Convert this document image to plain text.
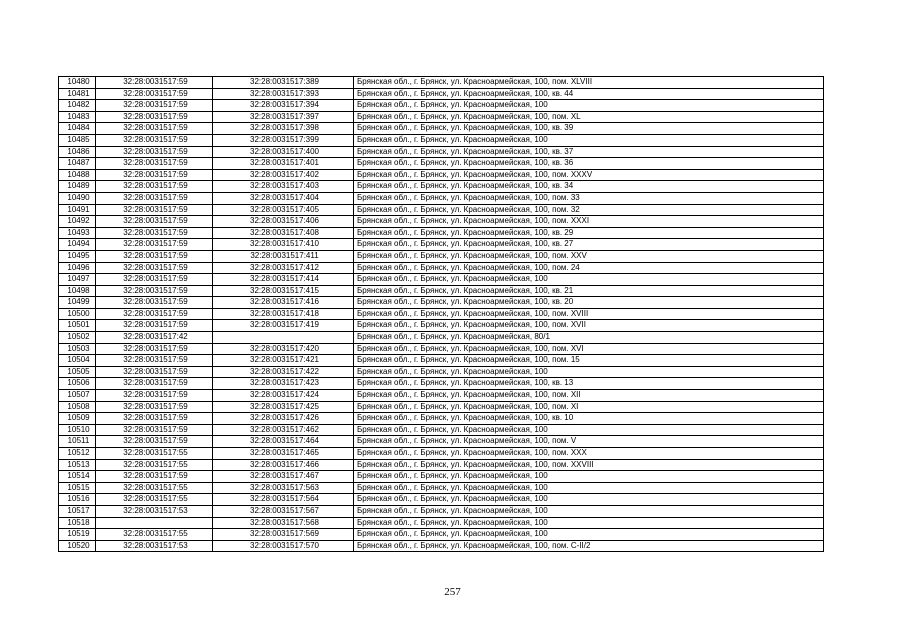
10480	32:28:0031517:59	32:28:0031517:389	Брянская обл., г. Брянск, ул. Красноармейская, 100, пом. XLVIII
10481	32:28:0031517:59	32:28:0031517:393	Брянская обл., г. Брянск, ул. Красноармейская, 100, кв. 44
10482	32:28:0031517:59	32:28:0031517:394	Брянская обл., г. Брянск, ул. Красноармейская, 100
10483	32:28:0031517:59	32:28:0031517:397	Брянская обл., г. Брянск, ул. Красноармейская, 100, пом. XL
10484	32:28:0031517:59	32:28:0031517:398	Брянская обл., г. Брянск, ул. Красноармейская, 100, кв. 39
10485	32:28:0031517:59	32:28:0031517:399	Брянская обл., г. Брянск, ул. Красноармейская, 100
10486	32:28:0031517:59	32:28:0031517:400	Брянская обл., г. Брянск, ул. Красноармейская, 100, кв. 37
10487	32:28:0031517:59	32:28:0031517:401	Брянская обл., г. Брянск, ул. Красноармейская, 100, кв. 36
10488	32:28:0031517:59	32:28:0031517:402	Брянская обл., г. Брянск, ул. Красноармейская, 100, пом. XXXV
10489	32:28:0031517:59	32:28:0031517:403	Брянская обл., г. Брянск, ул. Красноармейская, 100, кв. 34
10490	32:28:0031517:59	32:28:0031517:404	Брянская обл., г. Брянск, ул. Красноармейская, 100, пом. 33
10491	32:28:0031517:59	32:28:0031517:405	Брянская обл., г. Брянск, ул. Красноармейская, 100, пом. 32
10492	32:28:0031517:59	32:28:0031517:406	Брянская обл., г. Брянск, ул. Красноармейская, 100, пом. XXXI
10493	32:28:0031517:59	32:28:0031517:408	Брянская обл., г. Брянск, ул. Красноармейская, 100, кв. 29
10494	32:28:0031517:59	32:28:0031517:410	Брянская обл., г. Брянск, ул. Красноармейская, 100, кв. 27
10495	32:28:0031517:59	32:28:0031517:411	Брянская обл., г. Брянск, ул. Красноармейская, 100, пом. XXV
10496	32:28:0031517:59	32:28:0031517:412	Брянская обл., г. Брянск, ул. Красноармейская, 100, пом. 24
10497	32:28:0031517:59	32:28:0031517:414	Брянская обл., г. Брянск, ул. Красноармейская, 100
10498	32:28:0031517:59	32:28:0031517:415	Брянская обл., г. Брянск, ул. Красноармейская, 100, кв. 21
10499	32:28:0031517:59	32:28:0031517:416	Брянская обл., г. Брянск, ул. Красноармейская, 100, кв. 20
10500	32:28:0031517:59	32:28:0031517:418	Брянская обл., г. Брянск, ул. Красноармейская, 100, пом. XVIII
10501	32:28:0031517:59	32:28:0031517:419	Брянская обл., г. Брянск, ул. Красноармейская, 100, пом. XVII
10502	32:28:0031517:42		Брянская обл., г. Брянск, ул. Красноармейская, 80/1
10503	32:28:0031517:59	32:28:0031517:420	Брянская обл., г. Брянск, ул. Красноармейская, 100, пом. XVI
10504	32:28:0031517:59	32:28:0031517:421	Брянская обл., г. Брянск, ул. Красноармейская, 100, пом. 15
10505	32:28:0031517:59	32:28:0031517:422	Брянская обл., г. Брянск, ул. Красноармейская, 100
10506	32:28:0031517:59	32:28:0031517:423	Брянская обл., г. Брянск, ул. Красноармейская, 100, кв. 13
10507	32:28:0031517:59	32:28:0031517:424	Брянская обл., г. Брянск, ул. Красноармейская, 100, пом. XII
10508	32:28:0031517:59	32:28:0031517:425	Брянская обл., г. Брянск, ул. Красноармейская, 100, пом. XI
10509	32:28:0031517:59	32:28:0031517:426	Брянская обл., г. Брянск, ул. Красноармейская, 100, кв. 10
10510	32:28:0031517:59	32:28:0031517:462	Брянская обл., г. Брянск, ул. Красноармейская, 100
10511	32:28:0031517:59	32:28:0031517:464	Брянская обл., г. Брянск, ул. Красноармейская, 100, пом. V
10512	32:28:0031517:55	32:28:0031517:465	Брянская обл., г. Брянск, ул. Красноармейская, 100, пом. XXX
10513	32:28:0031517:55	32:28:0031517:466	Брянская обл., г. Брянск, ул. Красноармейская, 100, пом. XXVIII
10514	32:28:0031517:59	32:28:0031517:467	Брянская обл., г. Брянск, ул. Красноармейская, 100
10515	32:28:0031517:55	32:28:0031517:563	Брянская обл., г. Брянск, ул. Красноармейская, 100
10516	32:28:0031517:55	32:28:0031517:564	Брянская обл., г. Брянск, ул. Красноармейская, 100
10517	32:28:0031517:53	32:28:0031517:567	Брянская обл., г. Брянск, ул. Красноармейская, 100
10518		32:28:0031517:568	Брянская обл., г. Брянск, ул. Красноармейская, 100
10519	32:28:0031517:55	32:28:0031517:569	Брянская обл., г. Брянск, ул. Красноармейская, 100
10520	32:28:0031517:53	32:28:0031517:570	Брянская обл., г. Брянск, ул. Красноармейская, 100, пом. С-II/2
257
